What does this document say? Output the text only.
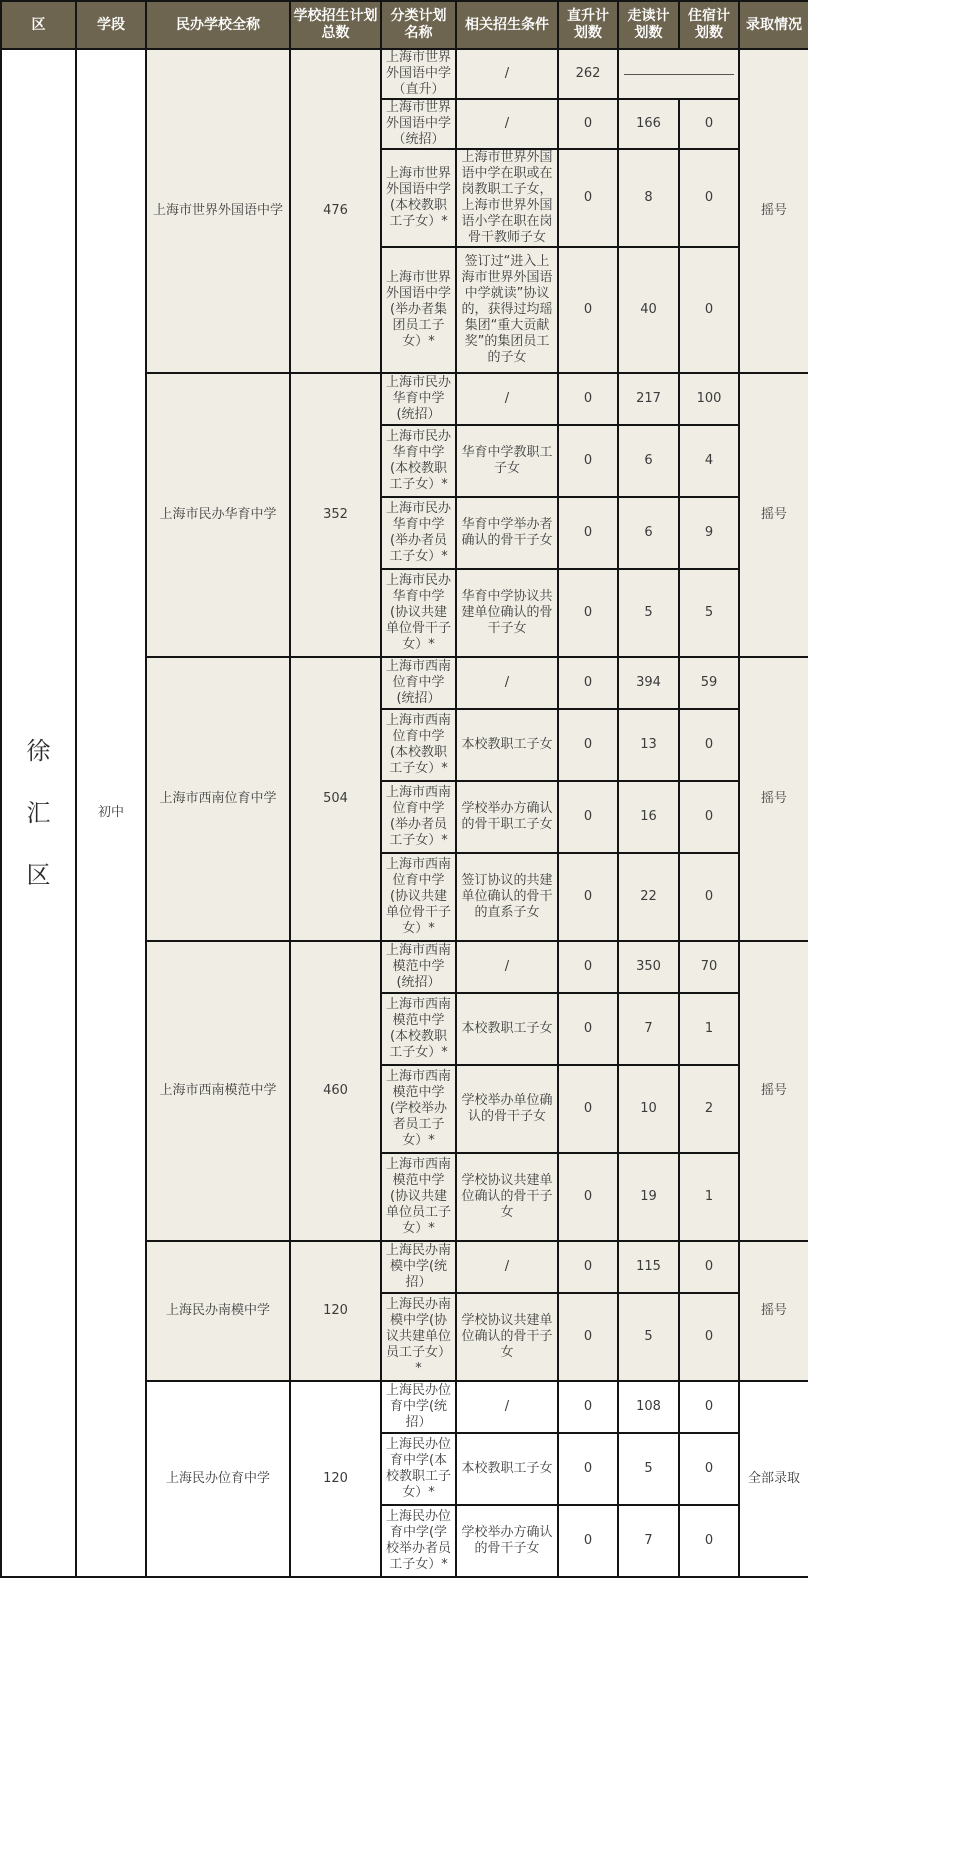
区	学段	民办学校全称	学校招生计划总数	分类计划名称	相关招生条件	直升计划数	走读计划数	住宿计划数	录取情况

徐汇区	初中	上海市世界外国语中学	476	上海市世界外国语中学（直升）	/	262			摇号
				上海市世界外国语中学（统招）	/	0	166	0	
				上海市世界外国语中学(本校教职工子女）*	上海市世界外国语中学在职或在岗教职工子女，上海市世界外国语小学在职在岗骨干教师子女	0	8	0	
				上海市世界外国语中学(举办者集团员工子女）*	签订过“进入上海市世界外国语中学就读”协议的，获得过均瑶集团“重大贡献奖”的集团员工的子女	0	40	0	
		上海市民办华育中学	352	上海市民办华育中学(统招）	/	0	217	100	摇号
				上海市民办华育中学(本校教职工子女）*	华育中学教职工子女	0	6	4	
				上海市民办华育中学(举办者员工子女）*	华育中学举办者确认的骨干子女	0	6	9	
				上海市民办华育中学(协议共建单位骨干子女）*	华育中学协议共建单位确认的骨干子女	0	5	5	
		上海市西南位育中学	504	上海市西南位育中学(统招）	/	0	394	59	摇号
				上海市西南位育中学(本校教职工子女）*	本校教职工子女	0	13	0	
				上海市西南位育中学(举办者员工子女）*	学校举办方确认的骨干职工子女	0	16	0	
				上海市西南位育中学(协议共建单位骨干子女）*	签订协议的共建单位确认的骨干的直系子女	0	22	0	
		上海市西南模范中学	460	上海市西南模范中学(统招）	/	0	350	70	摇号
				上海市西南模范中学(本校教职工子女）*	本校教职工子女	0	7	1	
				上海市西南模范中学(学校举办者员工子女）*	学校举办单位确认的骨干子女	0	10	2	
				上海市西南模范中学(协议共建单位员工子女）*	学校协议共建单位确认的骨干子女	0	19	1	
		上海民办南模中学	120	上海民办南模中学(统招）	/	0	115	0	摇号
				上海民办南模中学(协议共建单位员工子女）*	学校协议共建单位确认的骨干子女	0	5	0	
		上海民办位育中学	120	上海民办位育中学(统招）	/	0	108	0	全部录取
				上海民办位育中学(本校教职工子女）*	本校教职工子女	0	5	0	
				上海民办位育中学(学校举办者员工子女）*	学校举办方确认的骨干子女	0	7	0	
